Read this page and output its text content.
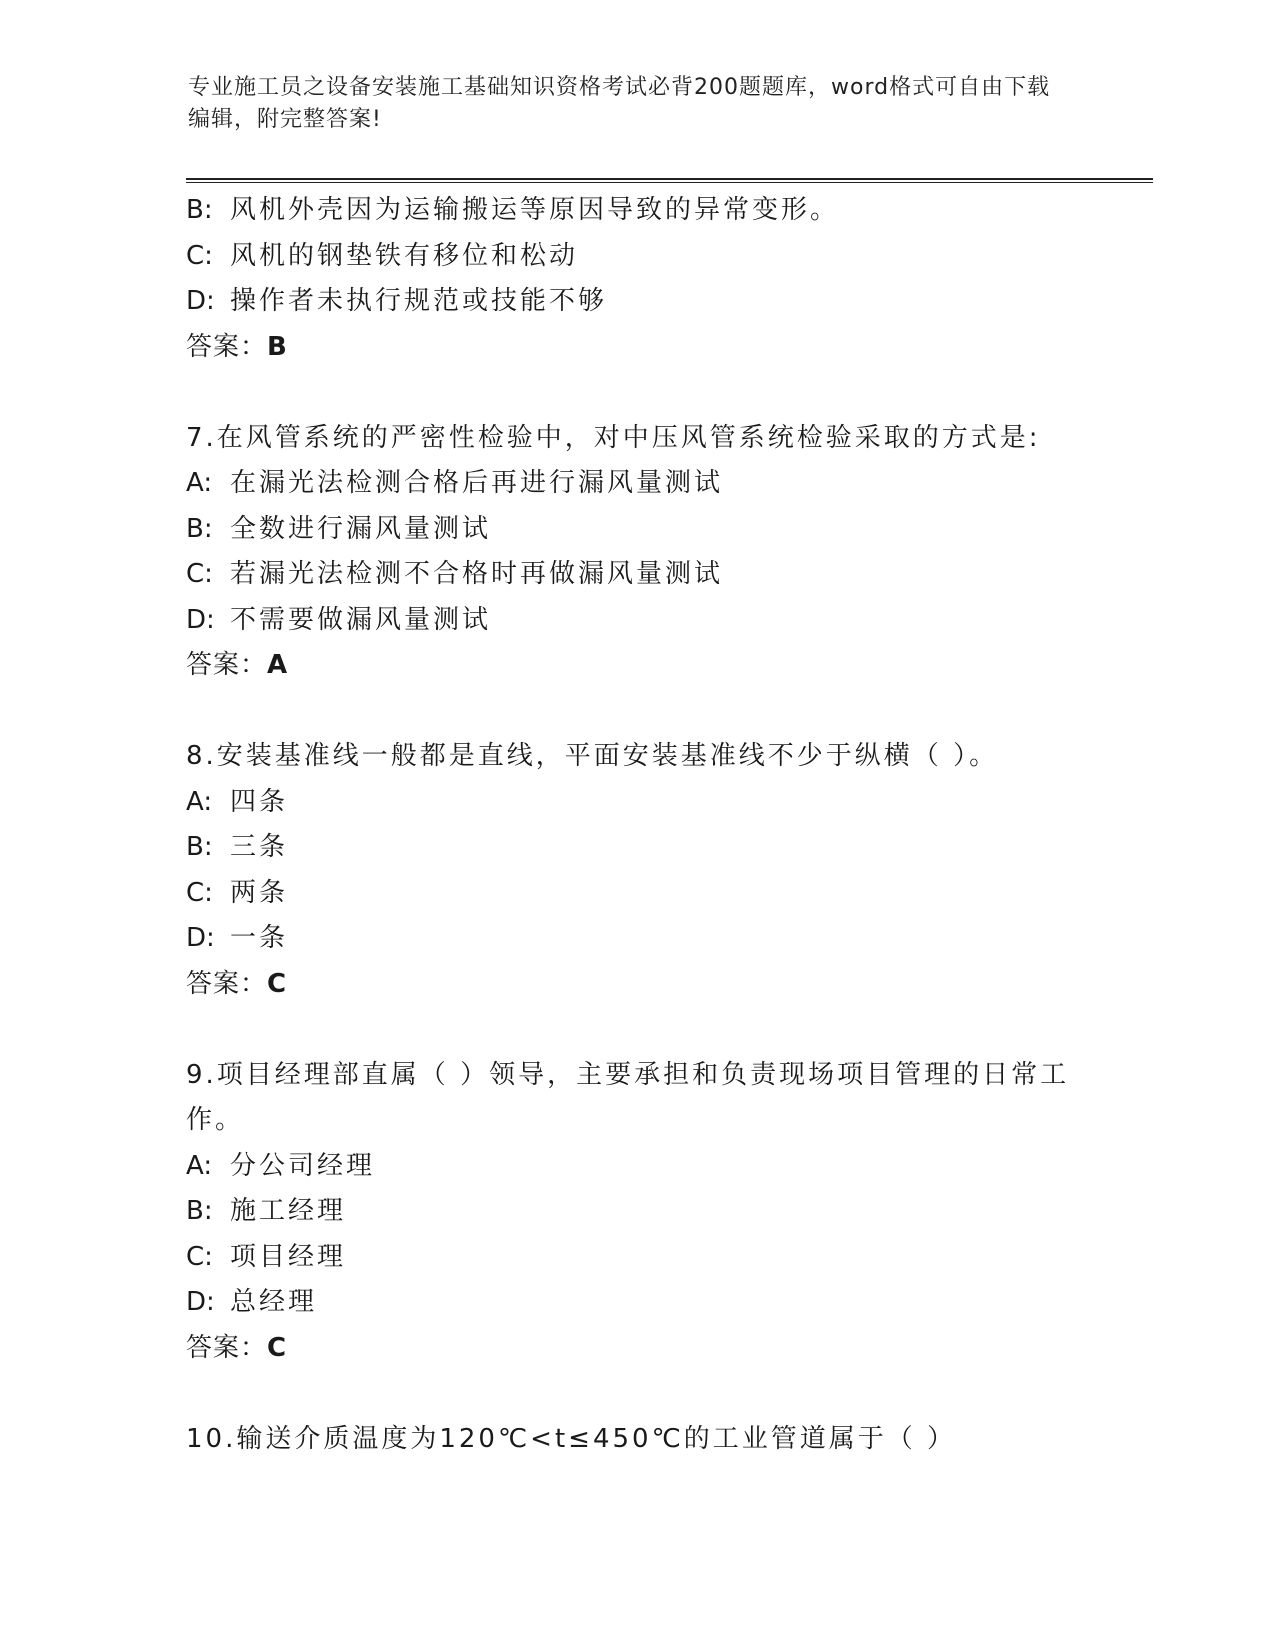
专业施工员之设备安装施工基础知识资格考试必背200题题库，word格式可自由下载编辑，附完整答案!
B: 风机外壳因为运输搬运等原因导致的异常变形。
C: 风机的钢垫铁有移位和松动
D: 操作者未执行规范或技能不够
答案：B
7.在风管系统的严密性检验中，对中压风管系统检验采取的方式是:
A: 在漏光法检测合格后再进行漏风量测试
B: 全数进行漏风量测试
C: 若漏光法检测不合格时再做漏风量测试
D: 不需要做漏风量测试
答案：A
8.安装基准线一般都是直线，平面安装基准线不少于纵横（ ）。
A: 四条
B: 三条
C: 两条
D: 一条
答案：C
9.项目经理部直属（ ）领导，主要承担和负责现场项目管理的日常工作。
A: 分公司经理
B: 施工经理
C: 项目经理
D: 总经理
答案：C
10.输送介质温度为120℃<t≤450℃的工业管道属于（ ）
